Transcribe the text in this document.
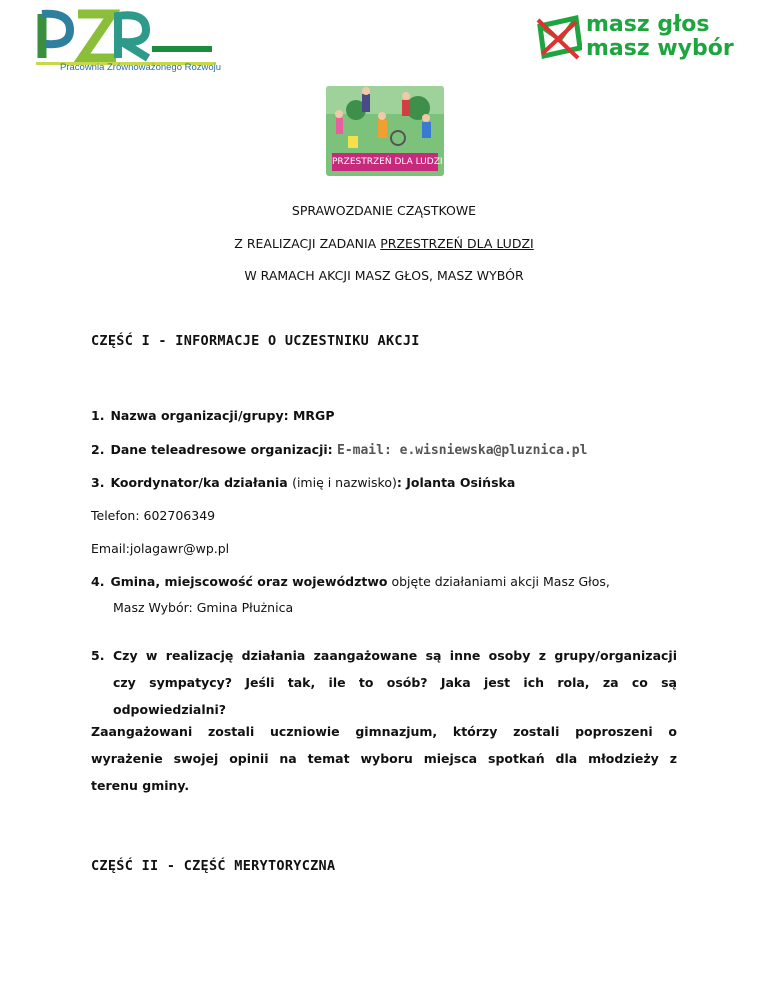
Pracownia Zrównoważonego Rozwoju
masz głos
masz wybór
PRZESTRZEŃ DLA LUDZI
SPRAWOZDANIE CZĄSTKOWE
Z REALIZACJI ZADANIA PRZESTRZEŃ DLA LUDZI
W RAMACH AKCJI MASZ GŁOS, MASZ WYBÓR
CZĘŚĆ I - INFORMACJE O UCZESTNIKU AKCJI
1. Nazwa organizacji/grupy: MRGP
2. Dane teleadresowe organizacji: E-mail: e.wisniewska@pluznica.pl
3. Koordynator/ka działania (imię i nazwisko): Jolanta Osińska
Telefon: 602706349
Email:jolagawr@wp.pl
4. Gmina, miejscowość oraz województwo objęte działaniami akcji Masz Głos,
Masz Wybór: Gmina Płużnica
5. Czy w realizację działania zaangażowane są inne osoby z grupy/organizacji
czy sympatycy? Jeśli tak, ile to osób? Jaka jest ich rola, za co są
odpowiedzialni?
Zaangażowani zostali uczniowie gimnazjum, którzy zostali poproszeni o
wyrażenie swojej opinii na temat wyboru miejsca spotkań dla młodzieży z
terenu gminy.
CZĘŚĆ II - CZĘŚĆ MERYTORYCZNA
